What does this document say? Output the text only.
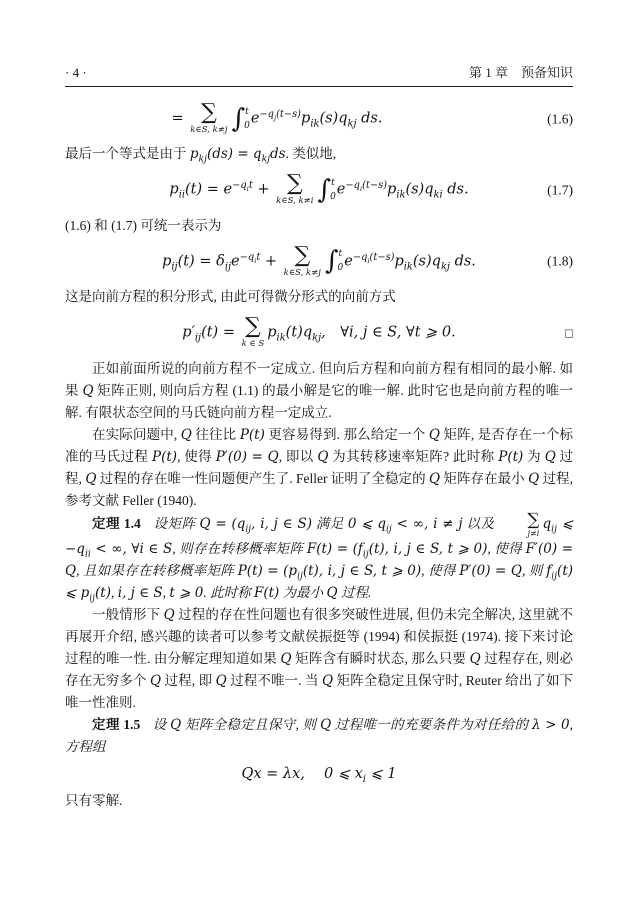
· 4 ·	第 1 章　预备知识
= ∑
k∈S, k≠j ∫ t
0 $e^{-q_j(t-s)}p_{ik}(s)q_{kj}$ ds.	(1.6)

最后一个等式是由于 $p_{kj}(ds) = q_{kj}ds$. 类似地,

$p_{ii}(t) = e^{-q_it}$ + ∑
k∈S, k≠i ∫ t
0 $e^{-q_i(t-s)}p_{ik}(s)q_{ki}$ ds.	(1.7)

(1.6) 和 (1.7) 可统一表示为

$p_{ij}(t) = \delta_{ij}e^{-q_it}$ + ∑
k∈S, k≠j ∫ t
0 $e^{-q_i(t-s)}p_{ik}(s)q_{kj}$ ds.	(1.8)

这是向前方程的积分形式, 由此可得微分形式的向前方式

$p'_{ij}(t)$ = ∑
k ∈ S
$p_{ik}(t)q_{kj}$, ∀i, j ∈ S, ∀t ⩾ 0.	□

正如前面所说的向前方程不一定成立. 但向后方程和向前方程有相同的最小解. 如果 Q 矩阵正则, 则向后方程 (1.1) 的最小解是它的唯一解. 此时它也是向前方程的唯一解. 有限状态空间的马氏链向前方程一定成立.

在实际问题中, Q 往往比 P(t) 更容易得到. 那么给定一个 Q 矩阵, 是否存在一个标准的马氏过程 P(t), 使得 P′(0) = Q, 即以 Q 为其转移速率矩阵? 此时称 P(t) 为 Q 过程, Q 过程的存在唯一性问题便产生了. Feller 证明了全稳定的 Q 矩阵存在最小 Q 过程, 参考文献 Feller (1940).

定理 1.4 设矩阵 $Q = (q_{ij}$, i, j ∈ S) 满足 0 ⩽ $q_{ij}$ < ∞, i ≠ j 以及	∑
j≠i
$q_{ij}$ ⩽ $-q_{ii}$ < ∞, ∀i ∈ S, 则存在转移概率矩阵 $F(t) = (f_{ij}(t)$, i, j ∈ S, t ⩾ 0), 使得 F′(0) = Q, 且如果存在转移概率矩阵 $P(t) = (p_{ij}(t)$, i, j ∈ S, t ⩾ 0), 使得 P′(0) = Q, 则 $f_{ij}(t)$ ⩽ $p_{ij}(t)$, i, j ∈ S, t ⩾ 0. 此时称 F(t) 为最小 Q 过程.

一般情形下 Q 过程的存在性问题也有很多突破性进展, 但仍未完全解决, 这里就不再展开介绍, 感兴趣的读者可以参考文献侯振挺等 (1994) 和侯振挺 (1974). 接下来讨论过程的唯一性. 由分解定理知道如果 Q 矩阵含有瞬时状态, 那么只要 Q 过程存在, 则必存在无穷多个 Q 过程, 即 Q 过程不唯一. 当 Q 矩阵全稳定且保守时, Reuter 给出了如下唯一性准则.

定理 1.5 设 Q 矩阵全稳定且保守, 则 Q 过程唯一的充要条件为对任给的 λ > 0, 方程组

Qx = λx,  0 ⩽ $x_i$ ⩽ 1

只有零解.
